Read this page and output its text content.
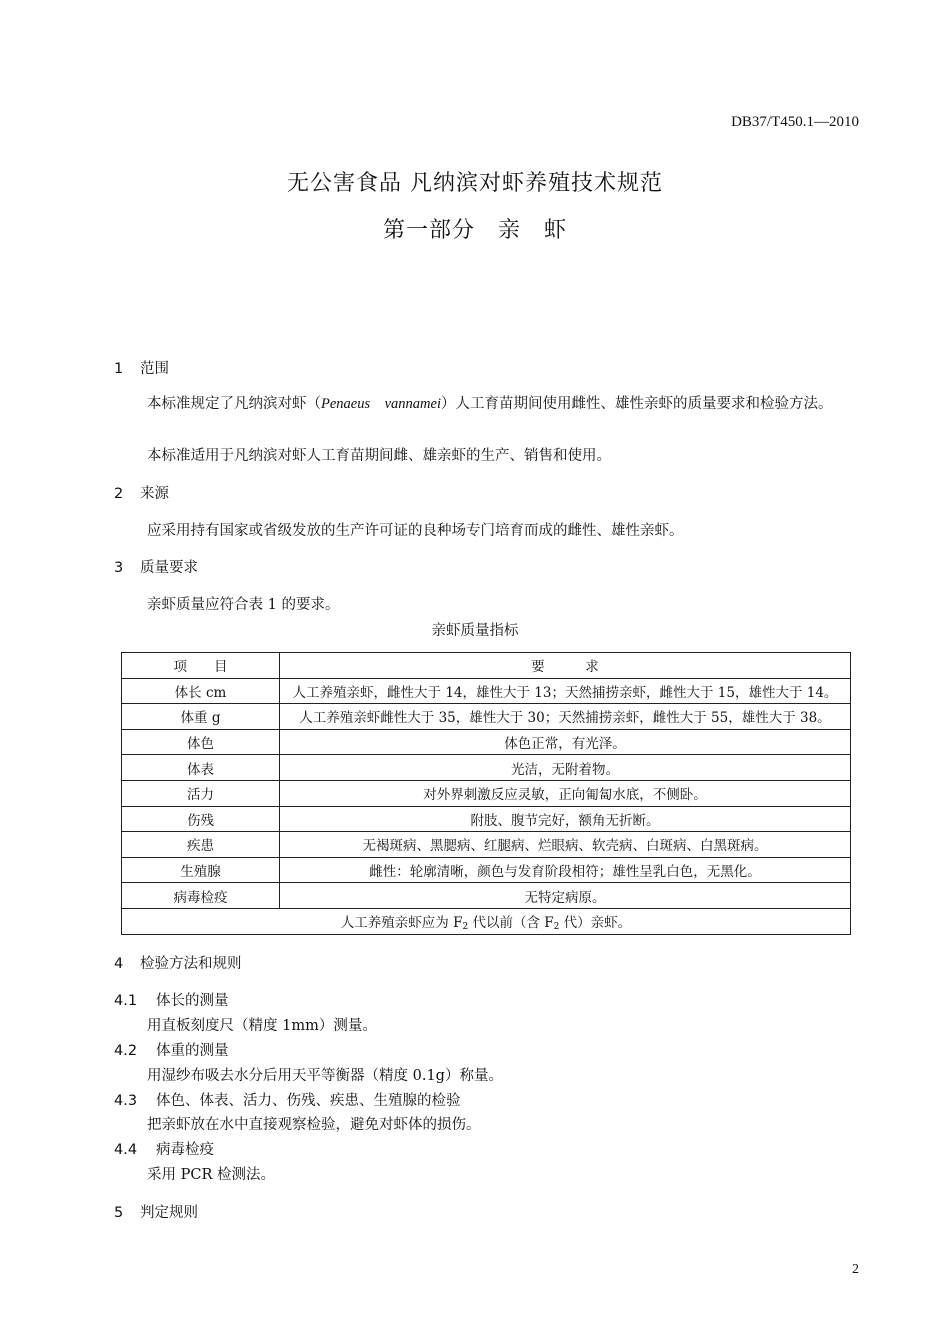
DB37/T450.1—2010
无公害食品 凡纳滨对虾养殖技术规范
第一部分　亲　虾
1 范围
本标准规定了凡纳滨对虾（Penaeus　vannamei）人工育苗期间使用雌性、雄性亲虾的质量要求和检验方法。
本标准适用于凡纳滨对虾人工育苗期间雌、雄亲虾的生产、销售和使用。
2 来源
应采用持有国家或省级发放的生产许可证的良种场专门培育而成的雌性、雄性亲虾。
3 质量要求
亲虾质量应符合表 1 的要求。
亲虾质量指标
项　　目	要　　　求
体长 cm	人工养殖亲虾，雌性大于 14，雄性大于 13；天然捕捞亲虾，雌性大于 15，雄性大于 14。
体重 g	人工养殖亲虾雌性大于 35，雄性大于 30；天然捕捞亲虾，雌性大于 55，雄性大于 38。
体色	体色正常，有光泽。
体表	光洁，无附着物。
活力	对外界刺激反应灵敏，正向匍匐水底，不侧卧。
伤残	附肢、腹节完好，额角无折断。
疾患	无褐斑病、黑腮病、红腿病、烂眼病、软壳病、白斑病、白黑斑病。
生殖腺	雌性：轮廓清晰，颜色与发育阶段相符；雄性呈乳白色，无黑化。
病毒检疫	无特定病原。
人工养殖亲虾应为 $F_2$ 代以前（含 $F_2$ 代）亲虾。	
4 检验方法和规则
4.1 体长的测量
用直板刻度尺（精度 1mm）测量。
4.2 体重的测量
用湿纱布吸去水分后用天平等衡器（精度 0.1g）称量。
4.3 体色、体表、活力、伤残、疾患、生殖腺的检验
把亲虾放在水中直接观察检验，避免对虾体的损伤。
4.4 病毒检疫
采用 PCR 检测法。
5 判定规则
2
